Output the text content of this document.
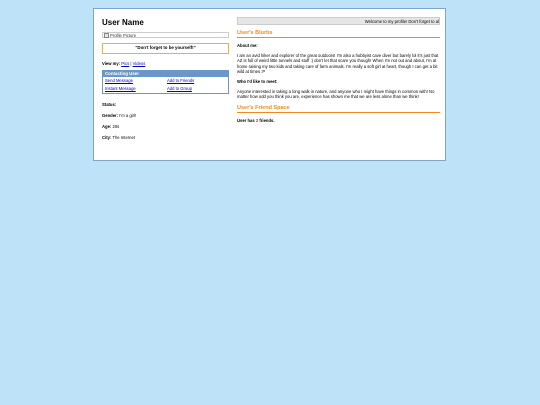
User Name
Profile Picture
"Don't forget to be yourself!"
View my: Pics | Videos
Contacting User
Send Message	Add to Friends
Instant Message	Add to Group
Status:
Gender: I'm a girl!
Age: 20s
City: The Internet
Welcome to my profile! Don't forget to al
User's Blurbs
About me:
I am an avid hiker and explorer of the great outdoors! I'm also a hobbyist cave diver but barely lol it's just that AZ is full of weird little tunnels and stuff :) don't let that scare you though! When I'm not out and about, I'm at home raising my two kids and taking care of farm animals. I'm really a soft girl at heart, though I can get a bit wild at times :P
Who I'd like to meet:
Anyone interested in taking a long walk in nature, and anyone who I might have things in common with! No matter how odd you think you are, experience has shown me that we are less alone than we think!
User's Friend Space
User has 2 friends.
